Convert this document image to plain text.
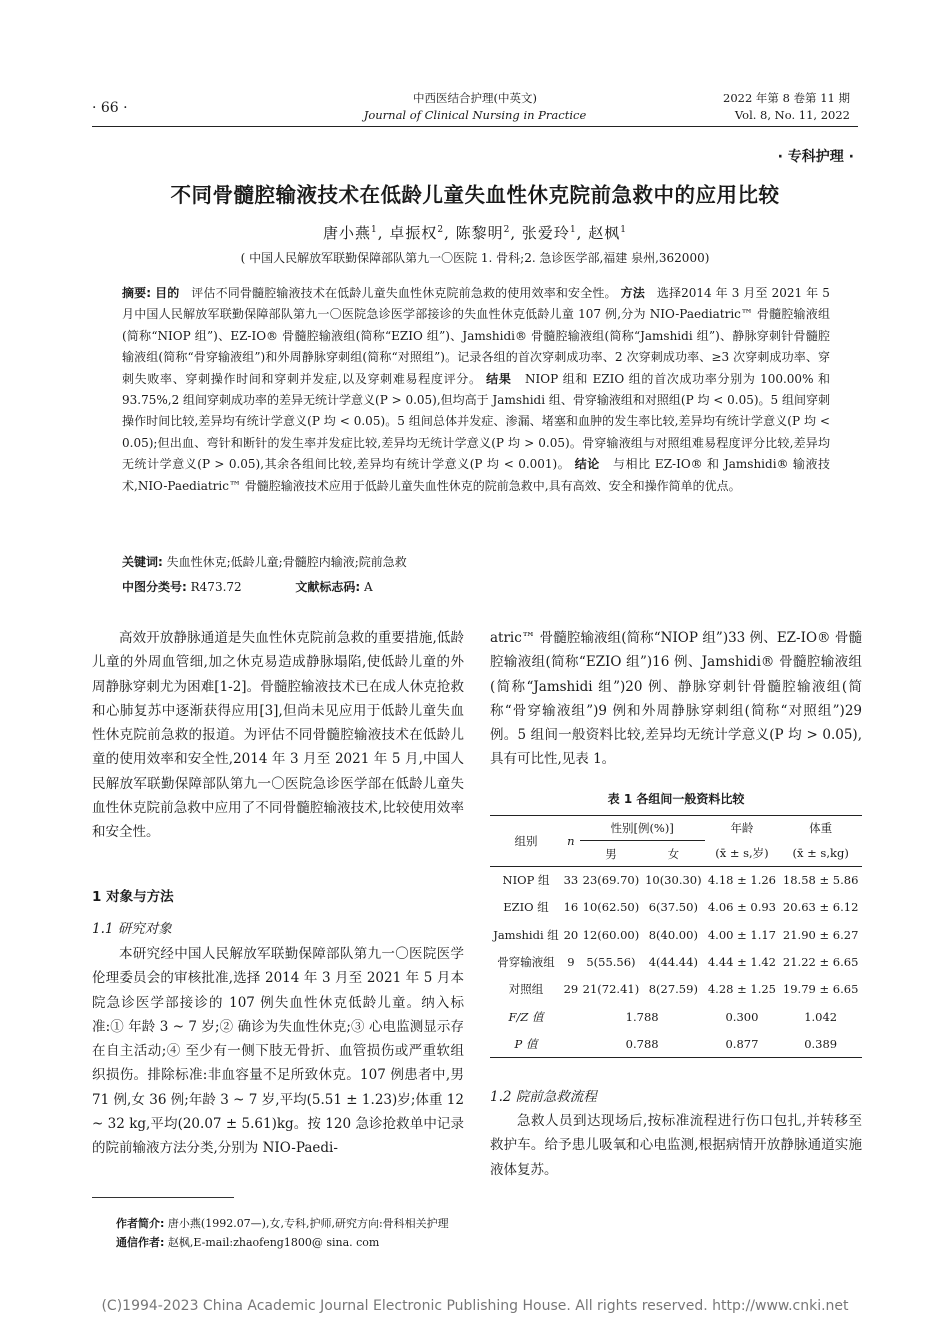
· 66 ·
中西医结合护理(中英文)
Journal of Clinical Nursing in Practice
2022 年第 8 卷第 11 期
Vol. 8, No. 11, 2022
· 专科护理 ·
不同骨髓腔输液技术在低龄儿童失血性休克院前急救中的应用比较
唐小燕$^1$, 卓振权$^2$, 陈黎明$^2$, 张爱玲$^1$, 赵枫$^1$
( 中国人民解放军联勤保障部队第九一〇医院 1. 骨科;2. 急诊医学部,福建 泉州,362000)
摘要: 目的 评估不同骨髓腔输液技术在低龄儿童失血性休克院前急救的使用效率和安全性。 方法 选择2014 年 3 月至 2021 年 5 月中国人民解放军联勤保障部队第九一〇医院急诊医学部接诊的失血性休克低龄儿童 107 例,分为 NIO-Paediatric™ 骨髓腔输液组(简称“NIOP 组”)、EZ-IO® 骨髓腔输液组(简称“EZIO 组”)、Jamshidi® 骨髓腔输液组(简称“Jamshidi 组”)、静脉穿刺针骨髓腔输液组(简称“骨穿输液组”)和外周静脉穿刺组(简称“对照组”)。记录各组的首次穿刺成功率、2 次穿刺成功率、≥3 次穿刺成功率、穿刺失败率、穿刺操作时间和穿刺并发症,以及穿刺难易程度评分。 结果 NIOP 组和 EZIO 组的首次成功率分别为 100.00% 和 93.75%,2 组间穿刺成功率的差异无统计学意义(P > 0.05),但均高于 Jamshidi 组、骨穿输液组和对照组(P 均 < 0.05)。5 组间穿刺操作时间比较,差异均有统计学意义(P 均 < 0.05)。5 组间总体并发症、渗漏、堵塞和血肿的发生率比较,差异均有统计学意义(P 均 < 0.05);但出血、弯针和断针的发生率并发症比较,差异均无统计学意义(P 均 > 0.05)。骨穿输液组与对照组难易程度评分比较,差异均无统计学意义(P > 0.05),其余各组间比较,差异均有统计学意义(P 均 < 0.001)。 结论 与相比 EZ-IO® 和 Jamshidi® 输液技术,NIO-Paediatric™ 骨髓腔输液技术应用于低龄儿童失血性休克的院前急救中,具有高效、安全和操作简单的优点。
关键词: 失血性休克;低龄儿童;骨髓腔内输液;院前急救
中图分类号: R473.72	文献标志码: A

高效开放静脉通道是失血性休克院前急救的重要措施,低龄儿童的外周血管细,加之休克易造成静脉塌陷,使低龄儿童的外周静脉穿刺尤为困难[1-2]。骨髓腔输液技术已在成人休克抢救和心肺复苏中逐渐获得应用[3],但尚未见应用于低龄儿童失血性休克院前急救的报道。为评估不同骨髓腔输液技术在低龄儿童的使用效率和安全性,2014 年 3 月至 2021 年 5 月,中国人民解放军联勤保障部队第九一〇医院急诊医学部在低龄儿童失血性休克院前急救中应用了不同骨髓腔输液技术,比较使用效率和安全性。

1 对象与方法
1.1 研究对象

本研究经中国人民解放军联勤保障部队第九一〇医院医学伦理委员会的审核批准,选择 2014 年 3 月至 2021 年 5 月本院急诊医学部接诊的 107 例失血性休克低龄儿童。纳入标准:① 年龄 3 ~ 7 岁;② 确诊为失血性休克;③ 心电监测显示存在自主活动;④ 至少有一侧下肢无骨折、血管损伤或严重软组织损伤。排除标准:非血容量不足所致休克。107 例患者中,男 71 例,女 36 例;年龄 3 ~ 7 岁,平均(5.51 ± 1.23)岁;体重 12 ~ 32 kg,平均(20.07 ± 5.61)kg。按 120 急诊抢救单中记录的院前输液方法分类,分别为 NIO-Paedi-

atric™ 骨髓腔输液组(简称“NIOP 组”)33 例、EZ-IO® 骨髓腔输液组(简称“EZIO 组”)16 例、Jamshidi® 骨髓腔输液组(简称“Jamshidi 组”)20 例、静脉穿刺针骨髓腔输液组(简称“骨穿输液组”)9 例和外周静脉穿刺组(简称“对照组”)29 例。5 组间一般资料比较,差异均无统计学意义(P 均 > 0.05),具有可比性,见表 1。

表 1 各组间一般资料比较
组别	n	性别[例(%)]		年龄	体重
		男	女	(x̄ ± s,岁)	(x̄ ± s,kg)
NIOP 组	33	23(69.70)	10(30.30)	4.18 ± 1.26	18.58 ± 5.86
EZIO 组	16	10(62.50)	6(37.50)	4.06 ± 0.93	20.63 ± 6.12
Jamshidi 组	20	12(60.00)	8(40.00)	4.00 ± 1.17	21.90 ± 6.27
骨穿输液组	9	5(55.56)	4(44.44)	4.44 ± 1.42	21.22 ± 6.65
对照组	29	21(72.41)	8(27.59)	4.28 ± 1.25	19.79 ± 6.65
F/Z 值		1.788		0.300	1.042
P 值		0.788		0.877	0.389
1.2 院前急救流程

急救人员到达现场后,按标准流程进行伤口包扎,并转移至救护车。给予患儿吸氧和心电监测,根据病情开放静脉通道实施液体复苏。

作者简介: 唐小燕(1992.07—),女,专科,护师,研究方向:骨科相关护理
通信作者: 赵枫,E-mail:zhaofeng1800@ sina. com
(C)1994-2023 China Academic Journal Electronic Publishing House. All rights reserved. http://www.cnki.net
